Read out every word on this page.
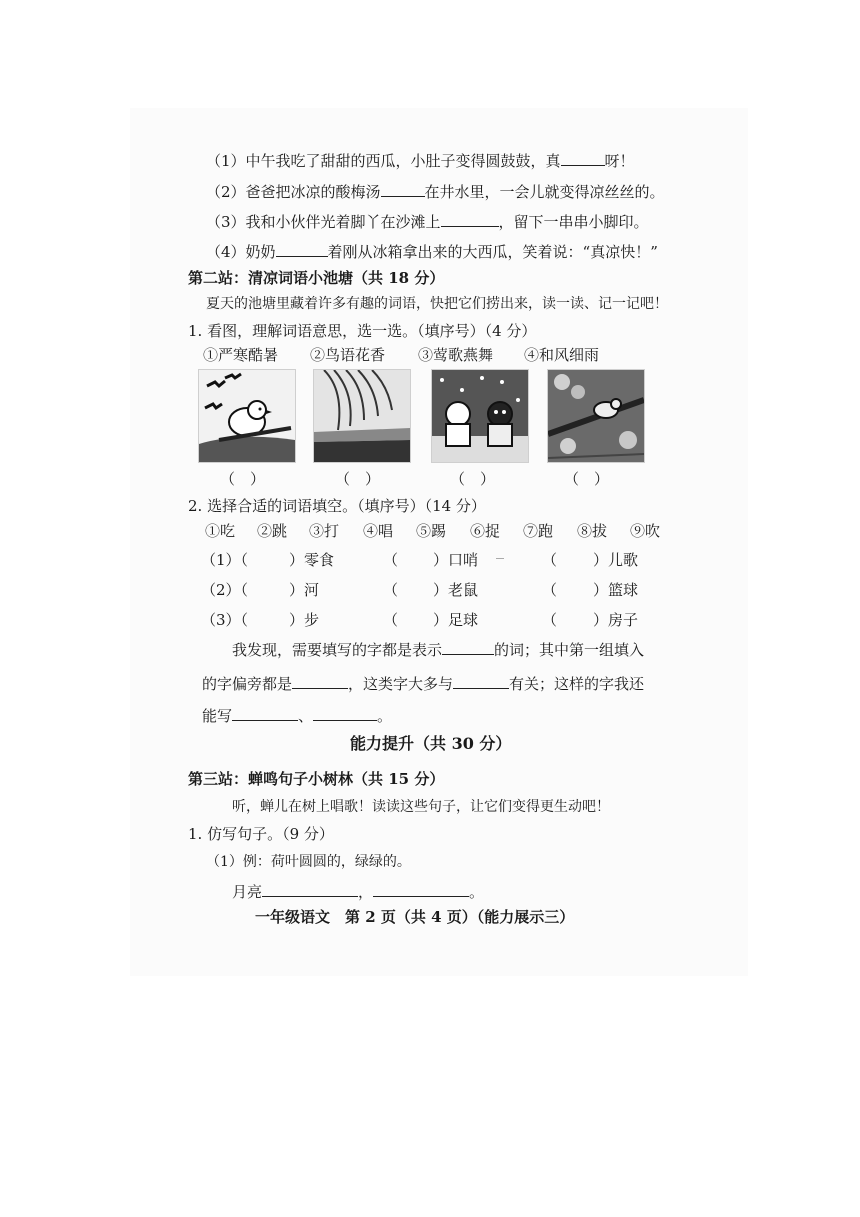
（1）中午我吃了甜甜的西瓜，小肚子变得圆鼓鼓，真	呀！
（2）爸爸把冰凉的酸梅汤	在井水里，一会儿就变得凉丝丝的。
（3）我和小伙伴光着脚丫在沙滩上	，留下一串串小脚印。
（4）奶奶	着刚从冰箱拿出来的大西瓜，笑着说：“真凉快！”
第二站：清凉词语小池塘（共 18 分）
夏天的池塘里藏着许多有趣的词语，快把它们捞出来，读一读、记一记吧！
1. 看图，理解词语意思，选一选。（填序号）（4 分）
①严寒酷暑 ②鸟语花香 ③莺歌燕舞 ④和风细雨
（　）	（　）	（　）	（　）
2. 选择合适的词语填空。（填序号）（14 分）
①吃 ②跳 ③打 ④唱 ⑤踢 ⑥捉 ⑦跑 ⑧拔 ⑨吹
（1）（	）零食	（ ）口哨	（ ）儿歌
（2）（	）河	（ ）老鼠	（ ）篮球
（3）（	）步	（ ）足球	（ ）房子
我发现，需要填写的字都是表示	的词；其中第一组填入
的字偏旁都是	，这类字大多与	有关；这样的字我还
能写	、	。
能力提升（共 30 分）
第三站：蝉鸣句子小树林（共 15 分）
听，蝉儿在树上唱歌！读读这些句子，让它们变得更生动吧！
1. 仿写句子。（9 分）
（1）例：荷叶圆圆的，绿绿的。
月亮	，	。
一年级语文　第 2 页（共 4 页）（能力展示三）
